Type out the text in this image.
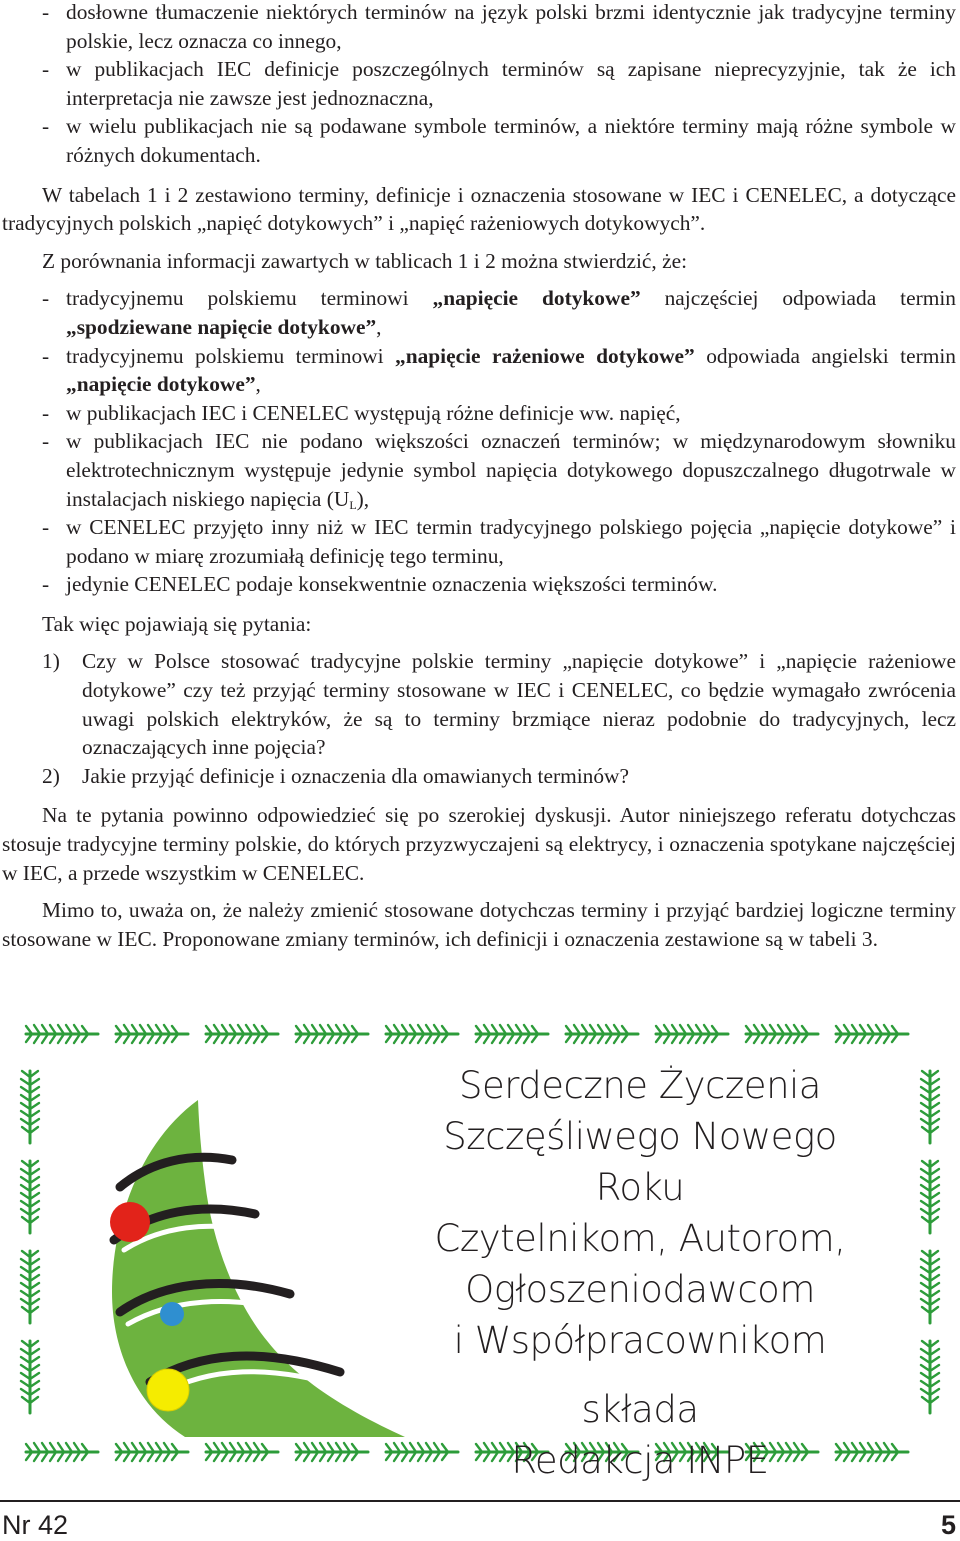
- dosłowne tłumaczenie niektórych terminów na język polski brzmi identycznie jak tradycyjne terminy polskie, lecz oznacza co innego,
- w publikacjach IEC definicje poszczególnych terminów są zapisane nieprecyzyjnie, tak że ich interpretacja nie zawsze jest jednoznaczna,
- w wielu publikacjach nie są podawane symbole terminów, a niektóre terminy mają różne symbole w różnych dokumentach.

W tabelach 1 i 2 zestawiono terminy, definicje i oznaczenia stosowane w IEC i CENELEC, a dotyczące tradycyjnych polskich „napięć dotykowych” i „napięć rażeniowych dotykowych”.

Z porównania informacji zawartych w tablicach 1 i 2 można stwierdzić, że:

- tradycyjnemu polskiemu terminowi „napięcie dotykowe” najczęściej odpowiada termin „spodziewane napięcie dotykowe”,
- tradycyjnemu polskiemu terminowi „napięcie rażeniowe dotykowe” odpowiada angielski termin „napięcie dotykowe”,
- w publikacjach IEC i CENELEC występują różne definicje ww. napięć,
- w publikacjach IEC nie podano większości oznaczeń terminów; w międzynarodowym słowniku elektrotechnicznym występuje jedynie symbol napięcia dotykowego dopuszczalnego długotrwale w instalacjach niskiego napięcia $(U_L)$,
- w CENELEC przyjęto inny niż w IEC termin tradycyjnego polskiego pojęcia „napięcie dotykowe” i podano w miarę zrozumiałą definicję tego terminu,
- jedynie CENELEC podaje konsekwentnie oznaczenia większości terminów.

Tak więc pojawiają się pytania:

1) Czy w Polsce stosować tradycyjne polskie terminy „napięcie dotykowe” i „napięcie rażeniowe dotykowe” czy też przyjąć terminy stosowane w IEC i CENELEC, co będzie wymagało zwrócenia uwagi polskich elektryków, że są to terminy brzmiące nieraz podobnie do tradycyjnych, lecz oznaczających inne pojęcia?
2) Jakie przyjąć definicje i oznaczenia dla omawianych terminów?

Na te pytania powinno odpowiedzieć się po szerokiej dyskusji. Autor niniejszego referatu dotychczas stosuje tradycyjne terminy polskie, do których przyzwyczajeni są elektrycy, i oznaczenia spotykane najczęściej w IEC, a przede wszystkim w CENELEC.

Mimo to, uważa on, że należy zmienić stosowane dotychczas terminy i przyjąć bardziej logiczne terminy stosowane w IEC. Proponowane zmiany terminów, ich definicji i oznaczenia zestawione są w tabeli 3.

Serdeczne Życzenia
Szczęśliwego Nowego Roku
Czytelnikom, Autorom,
Ogłoszeniodawcom
i Współpracownikom
składa
Redakcja INPE
Nr 42	5
